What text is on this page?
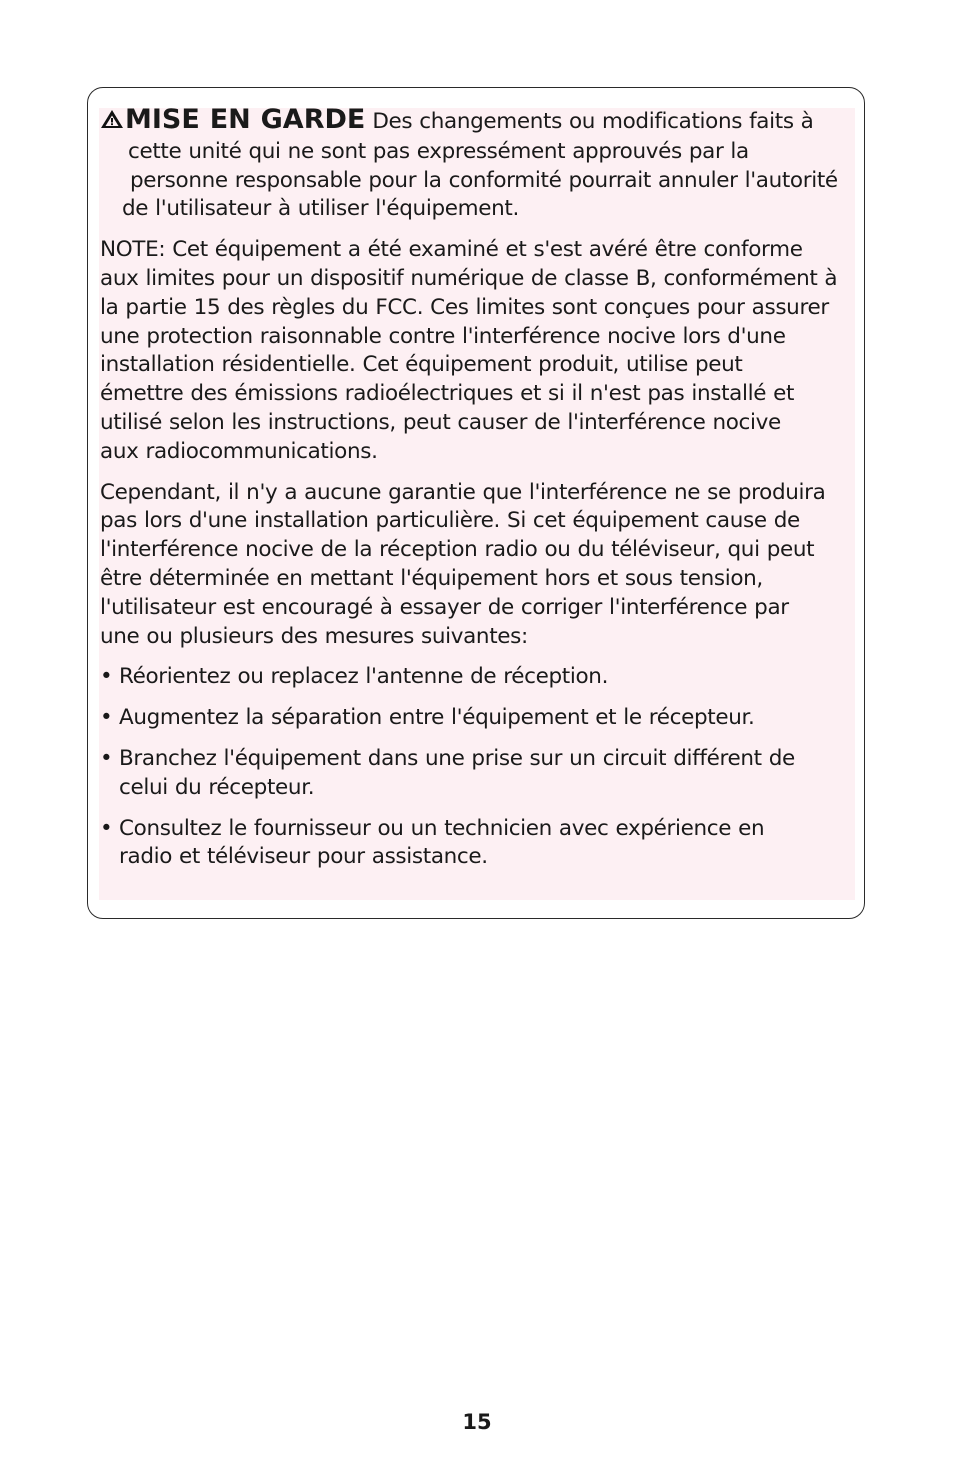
MISE EN GARDE Des changements ou modifications faits à
cette unité qui ne sont pas expressément approuvés par la
personne responsable pour la conformité pourrait annuler l'autorité
de l'utilisateur à utiliser l'équipement.

NOTE: Cet équipement a été examiné et s'est avéré être conforme
aux limites pour un dispositif numérique de classe B, conformément à
la partie 15 des règles du FCC. Ces limites sont conçues pour assurer
une protection raisonnable contre l'interférence nocive lors d'une
installation résidentielle. Cet équipement produit, utilise peut
émettre des émissions radioélectriques et si il n'est pas installé et
utilisé selon les instructions, peut causer de l'interférence nocive
aux radiocommunications.

Cependant, il n'y a aucune garantie que l'interférence ne se produira
pas lors d'une installation particulière. Si cet équipement cause de
l'interférence nocive de la réception radio ou du téléviseur, qui peut
être déterminée en mettant l'équipement hors et sous tension,
l'utilisateur est encouragé à essayer de corriger l'interférence par
une ou plusieurs des mesures suivantes:

• Réorientez ou replacez l'antenne de réception.

• Augmentez la séparation entre l'équipement et le récepteur.

• Branchez l'équipement dans une prise sur un circuit différent de
celui du récepteur.

• Consultez le fournisseur ou un technicien avec expérience en
radio et téléviseur pour assistance.

15
